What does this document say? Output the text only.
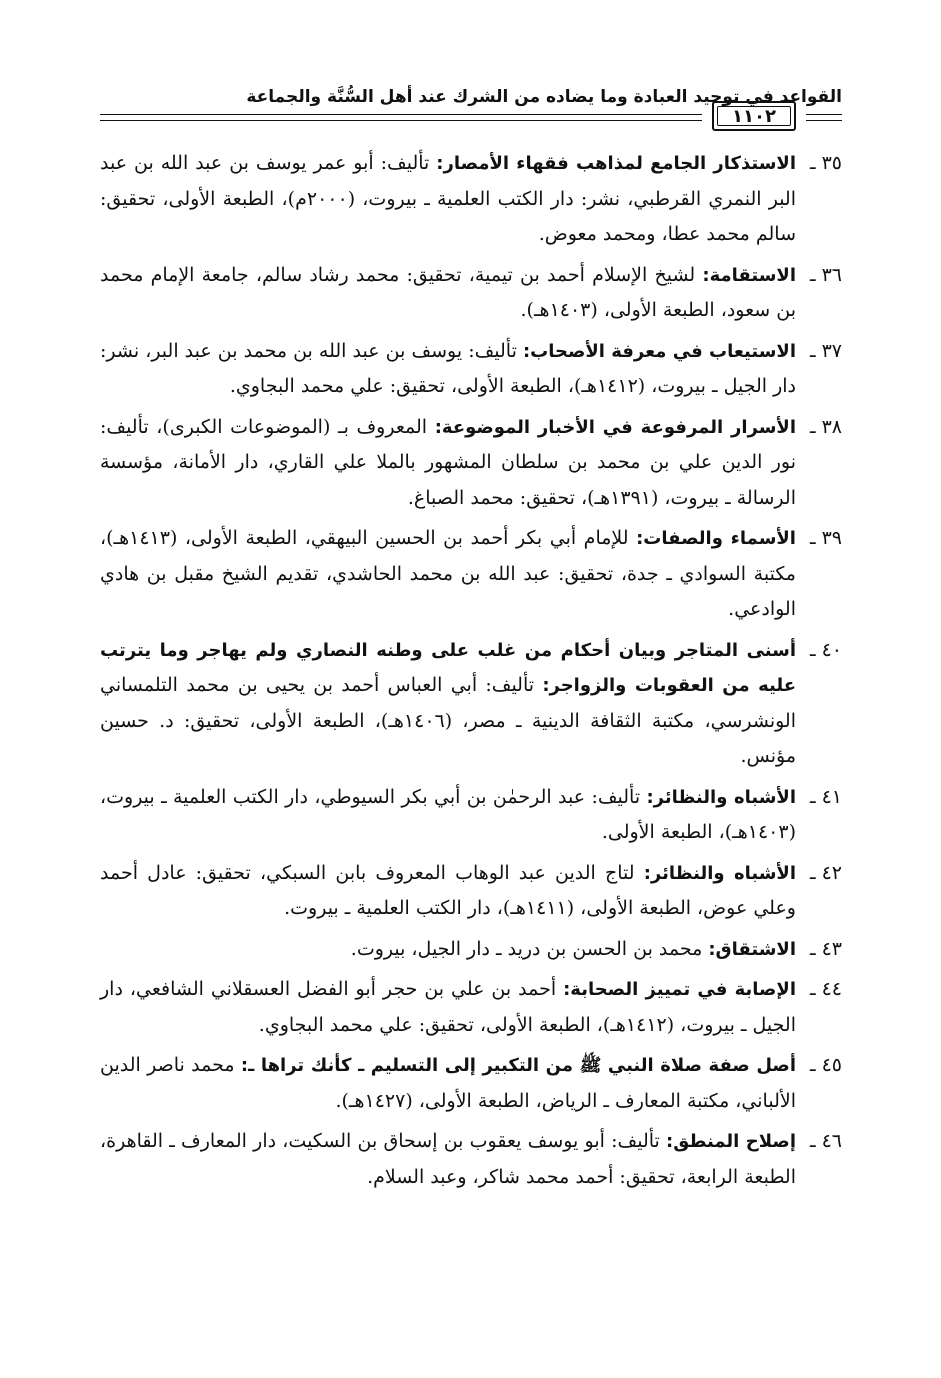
القواعد في توحيد العبادة وما يضاده من الشرك عند أهل السُّنَّة والجماعة
١١٠٢
٣٥ ـ
الاستذكار الجامع لمذاهب فقهاء الأمصار: تأليف: أبو عمر يوسف بن عبد الله بن عبد البر النمري القرطبي، نشر: دار الكتب العلمية ـ بيروت، (٢٠٠٠م)، الطبعة الأولى، تحقيق: سالم محمد عطا، ومحمد معوض.
٣٦ ـ
الاستقامة: لشيخ الإسلام أحمد بن تيمية، تحقيق: محمد رشاد سالم، جامعة الإمام محمد بن سعود، الطبعة الأولى، (١٤٠٣هـ).
٣٧ ـ
الاستيعاب في معرفة الأصحاب: تأليف: يوسف بن عبد الله بن محمد بن عبد البر، نشر: دار الجيل ـ بيروت، (١٤١٢هـ)، الطبعة الأولى، تحقيق: علي محمد البجاوي.
٣٨ ـ
الأسرار المرفوعة في الأخبار الموضوعة: المعروف بـ (الموضوعات الكبرى)، تأليف: نور الدين علي بن محمد بن سلطان المشهور بالملا علي القاري، دار الأمانة، مؤسسة الرسالة ـ بيروت، (١٣٩١هـ)، تحقيق: محمد الصباغ.
٣٩ ـ
الأسماء والصفات: للإمام أبي بكر أحمد بن الحسين البيهقي، الطبعة الأولى، (١٤١٣هـ)، مكتبة السوادي ـ جدة، تحقيق: عبد الله بن محمد الحاشدي، تقديم الشيخ مقبل بن هادي الوادعي.
٤٠ ـ
أسنى المتاجر وبيان أحكام من غلب على وطنه النصاري ولم يهاجر وما يترتب عليه من العقوبات والزواجر: تأليف: أبي العباس أحمد بن يحيى بن محمد التلمساني الونشرسي، مكتبة الثقافة الدينية ـ مصر، (١٤٠٦هـ)، الطبعة الأولى، تحقيق: د. حسين مؤنس.
٤١ ـ
الأشباه والنظائر: تأليف: عبد الرحمٰن بن أبي بكر السيوطي، دار الكتب العلمية ـ بيروت، (١٤٠٣هـ)، الطبعة الأولى.
٤٢ ـ
الأشباه والنظائر: لتاج الدين عبد الوهاب المعروف بابن السبكي، تحقيق: عادل أحمد وعلي عوض، الطبعة الأولى، (١٤١١هـ)، دار الكتب العلمية ـ بيروت.
٤٣ ـ
الاشتقاق: محمد بن الحسن بن دريد ـ دار الجيل، بيروت.
٤٤ ـ
الإصابة في تمييز الصحابة: أحمد بن علي بن حجر أبو الفضل العسقلاني الشافعي، دار الجيل ـ بيروت، (١٤١٢هـ)، الطبعة الأولى، تحقيق: علي محمد البجاوي.
٤٥ ـ
أصل صفة صلاة النبي ﷺ من التكبير إلى التسليم ـ كأنك تراها ـ: محمد ناصر الدين الألباني، مكتبة المعارف ـ الرياض، الطبعة الأولى، (١٤٢٧هـ).
٤٦ ـ
إصلاح المنطق: تأليف: أبو يوسف يعقوب بن إسحاق بن السكيت، دار المعارف ـ القاهرة، الطبعة الرابعة، تحقيق: أحمد محمد شاكر، وعبد السلام.
